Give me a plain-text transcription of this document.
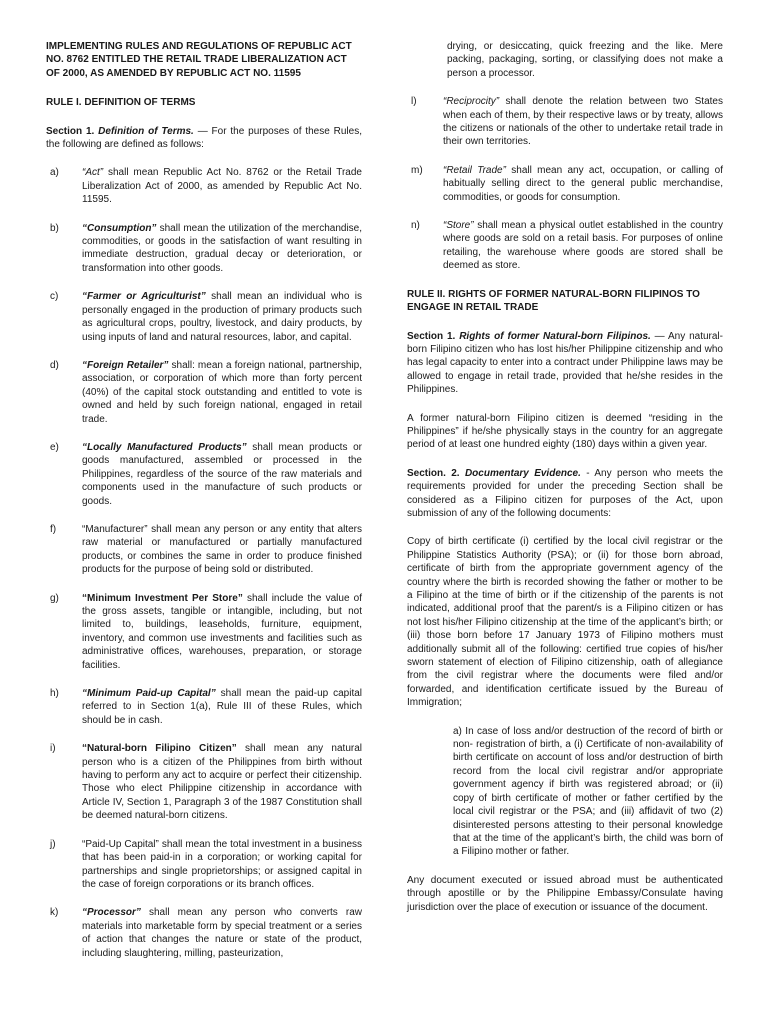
IMPLEMENTING RULES AND REGULATIONS OF REPUBLIC ACT NO. 8762 ENTITLED THE RETAIL TRADE LIBERALIZATION ACT OF 2000, AS AMENDED BY REPUBLIC ACT NO. 11595
RULE I. DEFINITION OF TERMS
Section 1. Definition of Terms. — For the purposes of these Rules, the following are defined as follows:
a)	“Act” shall mean Republic Act No. 8762 or the Retail Trade Liberalization Act of 2000, as amended by Republic Act No. 11595.
b)	“Consumption” shall mean the utilization of the merchandise, commodities, or goods in the satisfaction of want resulting in immediate destruction, gradual decay or deterioration, or transformation into other goods.
c)	“Farmer or Agriculturist” shall mean an individual who is personally engaged in the production of primary products such as agricultural crops, poultry, livestock, and dairy products, by using inputs of land and natural resources, labor, and capital.
d)	“Foreign Retailer” shall: mean a foreign national, partnership, association, or corporation of which more than forty percent (40%) of the capital stock outstanding and entitled to vote is owned and held by such foreign national, engaged in retail trade.
e)	“Locally Manufactured Products” shall mean products or goods manufactured, assembled or processed in the Philippines, regardless of the source of the raw materials and components used in the manufacture of such products or goods.
f)	“Manufacturer” shall mean any person or any entity that alters raw material or manufactured or partially manufactured products, or combines the same in order to produce finished products for the purpose of being sold or distributed.
g)	“Minimum Investment Per Store” shall include the value of the gross assets, tangible or intangible, including, but not limited to, buildings, leaseholds, furniture, equipment, inventory, and common use investments and facilities such as administrative offices, warehouses, preparation, or storage facilities.
h)	“Minimum Paid-up Capital” shall mean the paid-up capital referred to in Section 1(a), Rule III of these Rules, which should be in cash.
i)	“Natural-born Filipino Citizen” shall mean any natural person who is a citizen of the Philippines from birth without having to perform any act to acquire or perfect their citizenship. Those who elect Philippine citizenship in accordance with Article IV, Section 1, Paragraph 3 of the 1987 Constitution shall be deemed natural-born citizens.
j)	“Paid-Up Capital” shall mean the total investment in a business that has been paid-in in a corporation; or working capital for partnerships and single proprietorships; or assigned capital in the case of foreign corporations or its branch offices.
k)	“Processor” shall mean any person who converts raw materials into marketable form by special treatment or a series of action that changes the nature or state of the product, including slaughtering, milling, pasteurization,
drying, or desiccating, quick freezing and the like. Mere packing, packaging, sorting, or classifying does not make a person a processor.
l)	“Reciprocity” shall denote the relation between two States when each of them, by their respective laws or by treaty, allows the citizens or nationals of the other to undertake retail trade in their own territories.
m)	“Retail Trade” shall mean any act, occupation, or calling of habitually selling direct to the general public merchandise, commodities, or goods for consumption.
n)	“Store” shall mean a physical outlet established in the country where goods are sold on a retail basis. For purposes of online retailing, the warehouse where goods are stored shall be deemed as store.
RULE II. RIGHTS OF FORMER NATURAL-BORN FILIPINOS TO ENGAGE IN RETAIL TRADE
Section 1. Rights of former Natural-born Filipinos. — Any natural-born Filipino citizen who has lost his/her Philippine citizenship and who has legal capacity to enter into a contract under Philippine laws may be allowed to engage in retail trade, provided that he/she resides in the Philippines.
A former natural-born Filipino citizen is deemed “residing in the Philippines” if he/she physically stays in the country for an aggregate period of at least one hundred eighty (180) days within a given year.
Section. 2. Documentary Evidence. - Any person who meets the requirements provided for under the preceding Section shall be considered as a Filipino citizen for purposes of the Act, upon submission of any of the following documents:
Copy of birth certificate (i) certified by the local civil registrar or the Philippine Statistics Authority (PSA); or (ii) for those born abroad, certificate of birth from the appropriate government agency of the country where the birth is recorded showing the father or mother to be a Filipino at the time of birth or if the citizenship of the parents is not indicated, additional proof that the parent/s is a Filipino citizen or has not lost his/her Filipino citizenship at the time of the applicant’s birth; or (iii) those born before 17 January 1973 of Filipino mothers must additionally submit all of the following: certified true copies of his/her sworn statement of election of Filipino citizenship, oath of allegiance from the civil registrar where the documents were filed and/or forwarded, and identification certificate issued by the Bureau of Immigration;
a) In case of loss and/or destruction of the record of birth or non- registration of birth, a (i) Certificate of non-availability of birth certificate on account of loss and/or destruction of birth record from the local civil registrar and/or appropriate government agency if birth was registered abroad; or (ii) copy of birth certificate of mother or father certified by the local civil registrar or the PSA; and (iii) affidavit of two (2) disinterested persons attesting to their personal knowledge that at the time of the applicant’s birth, the child was born of a Filipino mother or father.
Any document executed or issued abroad must be authenticated through apostille or by the Philippine Embassy/Consulate having jurisdiction over the place of execution or issuance of the document.
